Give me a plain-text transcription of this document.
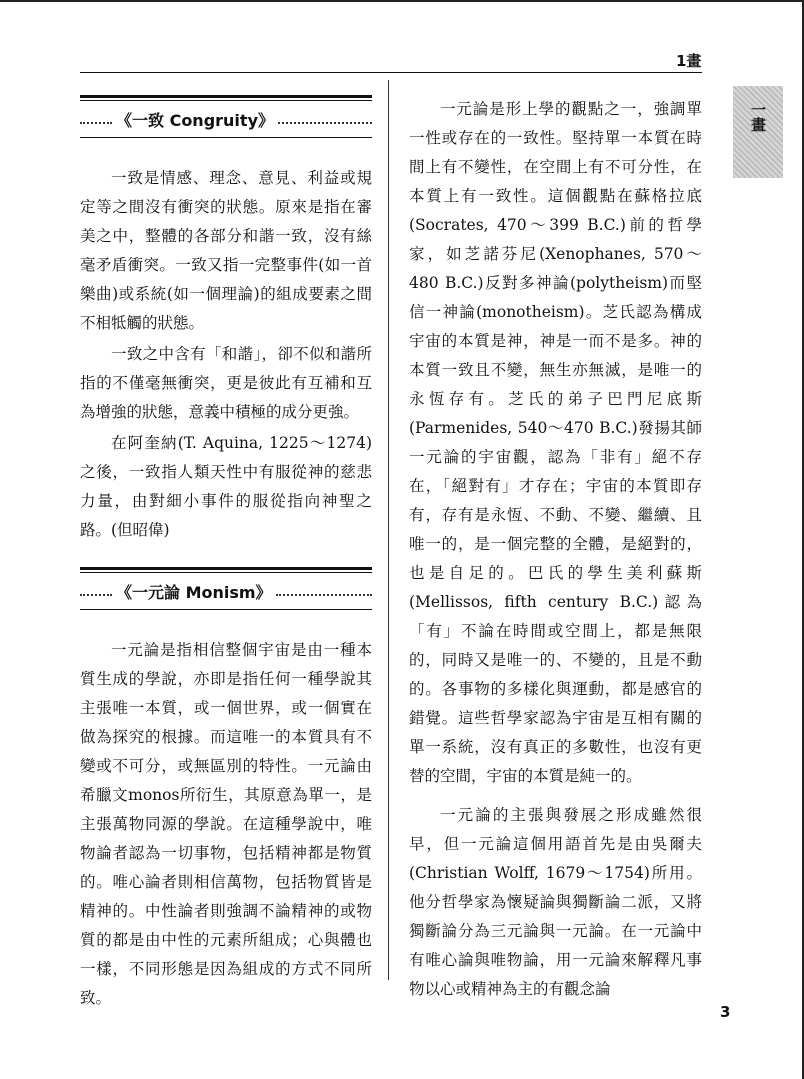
1畫
一畫
《一致 Congruity》

一致是情感、理念、意見、利益或規定等之間沒有衝突的狀態。原來是指在審美之中，整體的各部分和諧一致，沒有絲毫矛盾衝突。一致又指一完整事件(如一首樂曲)或系統(如一個理論)的組成要素之間不相牴觸的狀態。

一致之中含有「和諧」，卻不似和諧所指的不僅毫無衝突，更是彼此有互補和互為增強的狀態，意義中積極的成分更強。

在阿奎納(T. Aquina, 1225～1274)之後，一致指人類天性中有服從神的慈悲力量，由對細小事件的服從指向神聖之路。(但昭偉)

《一元論 Monism》

一元論是指相信整個宇宙是由一種本質生成的學說，亦即是指任何一種學說其主張唯一本質，或一個世界，或一個實在做為探究的根據。而這唯一的本質具有不變或不可分，或無區別的特性。一元論由希臘文monos所衍生，其原意為單一，是主張萬物同源的學說。在這種學說中，唯物論者認為一切事物，包括精神都是物質的。唯心論者則相信萬物，包括物質皆是精神的。中性論者則強調不論精神的或物質的都是由中性的元素所組成；心與體也一樣，不同形態是因為組成的方式不同所致。

一元論是形上學的觀點之一，強調單一性或存在的一致性。堅持單一本質在時間上有不變性，在空間上有不可分性，在本質上有一致性。這個觀點在蘇格拉底(Socrates, 470～399 B.C.)前的哲學家，如芝諾芬尼(Xenophanes, 570～480 B.C.)反對多神論(polytheism)而堅信一神論(monotheism)。芝氏認為構成宇宙的本質是神，神是一而不是多。神的本質一致且不變，無生亦無滅，是唯一的永恆存有。芝氏的弟子巴門尼底斯(Parmenides, 540～470 B.C.)發揚其師一元論的宇宙觀，認為「非有」絕不存在，「絕對有」才存在；宇宙的本質即存有，存有是永恆、不動、不變、繼續、且唯一的，是一個完整的全體，是絕對的，也是自足的。巴氏的學生美利蘇斯(Mellissos, fifth century B.C.)認為「有」不論在時間或空間上，都是無限的，同時又是唯一的、不變的，且是不動的。各事物的多樣化與運動，都是感官的錯覺。這些哲學家認為宇宙是互相有關的單一系統，沒有真正的多數性，也沒有更替的空間，宇宙的本質是純一的。

一元論的主張與發展之形成雖然很早，但一元論這個用語首先是由吳爾夫(Christian Wolff, 1679～1754)所用。他分哲學家為懷疑論與獨斷論二派，又將獨斷論分為三元論與一元論。在一元論中有唯心論與唯物論，用一元論來解釋凡事物以心或精神為主的有觀念論

3
